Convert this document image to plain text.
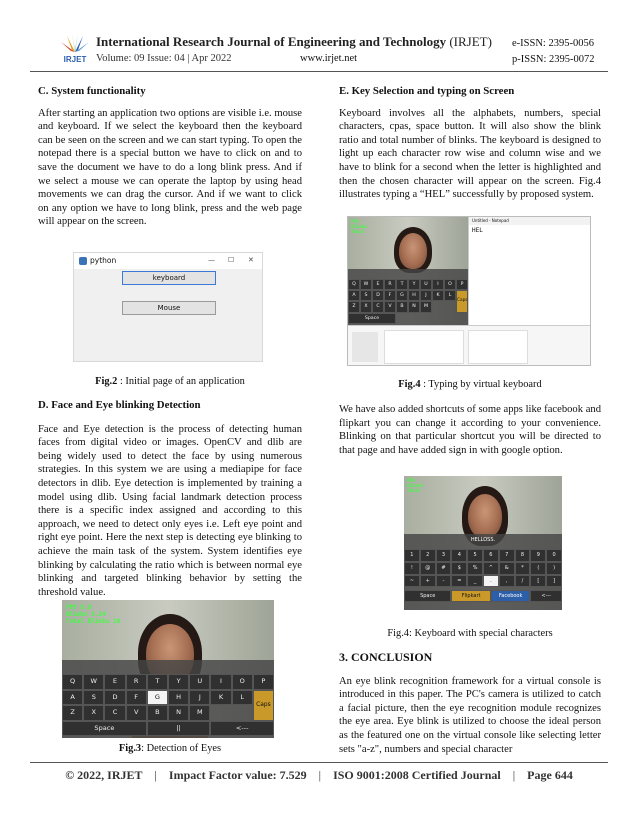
IRJET
International Research Journal of Engineering and Technology (IRJET)
Volume: 09 Issue: 04 | Apr 2022	www.irjet.net
e-ISSN: 2395-0056
p-ISSN: 2395-0072
C. System functionality
After starting an application two options are visible i.e. mouse and keyboard. If we select the keyboard then the keyboard can be seen on the screen and we can start typing. To open the notepad there is a special button we have to click on and to save the document we have to do a long blink press. And if we select a mouse we can operate the laptop by using head movements we can drag the cursor. And if we want to click on any option we have to long blink, press and the web page will appear on the screen.
python	— ☐ ✕
keyboard
Mouse
Fig.2 : Initial page of an application
D. Face and Eye blinking Detection
Face and Eye detection is the process of detecting human faces from digital video or images. OpenCV and dlib are being widely used to detect the face by using numerous strategies. In this system we are using a mediapipe for face detectors in dlib. Eye detection is implemented by training a model using dlib. Using facial landmark detection process there is a specific index assigned and according to this approach, we need to detect only eyes i.e. Left eye point and right eye point. Here the next step is detecting eye blinking to achieve the main task of the system. System identifies eye blinking by calculating the ratio which is between normal eye blinking and targeted blinking behavior by setting the threshold value.
FPS 9.8
Blinks 3.24
Total Blinks 10
Q	W	E	R	T	Y	U	I	O	P
A	S	D	F	G	H	J	K	L
Z	X	C	V	B	N	M
Caps
Space	||	<---
Fig.3: Detection of Eyes
E. Key Selection and typing on Screen
Keyboard involves all the alphabets, numbers, special characters, cpas, space button. It will also show the blink ratio and total number of blinks. The keyboard is designed to light up each character row wise and column wise and we have to blink for a second when the letter is highlighted and then the chosen character will appear on the screen. Fig.4 illustrates typing a “HEL” successfully by proposed system.
FPS
Blinks
Total
Q	W	E	R	T	Y	U	I	O	P
A	S	D	F	G	H	J	K	L
Z	X	C	V	B	N	M
Caps
Space
Untitled - Notepad
HEL
Fig.4 : Typing by virtual keyboard
We have also added shortcuts of some apps like facebook and flipkart you can change it according to your convenience. Blinking on that particular shortcut you will be directed to that page and have added sign in with google option.
FPS
Blinks
Total
HELLOSS.
1	2	3	4	5	6	7	8	9	0
!	@	#	$	%	^	&	*	(	)
~	+	-	=	_	.	,	/	[	]
Space	Flipkart	Facebook	<---
Fig.4: Keyboard with special characters
3. CONCLUSION
An eye blink recognition framework for a virtual console is introduced in this paper. The PC's camera is utilized to catch a facial picture, then the eye recognition module recognizes the eye area. Eye blink is utilized to choose the ideal person as the featured one on the virtual console like selecting letter sets "a-z", numbers and special character
© 2022, IRJET | Impact Factor value: 7.529 | ISO 9001:2008 Certified Journal | Page 644
